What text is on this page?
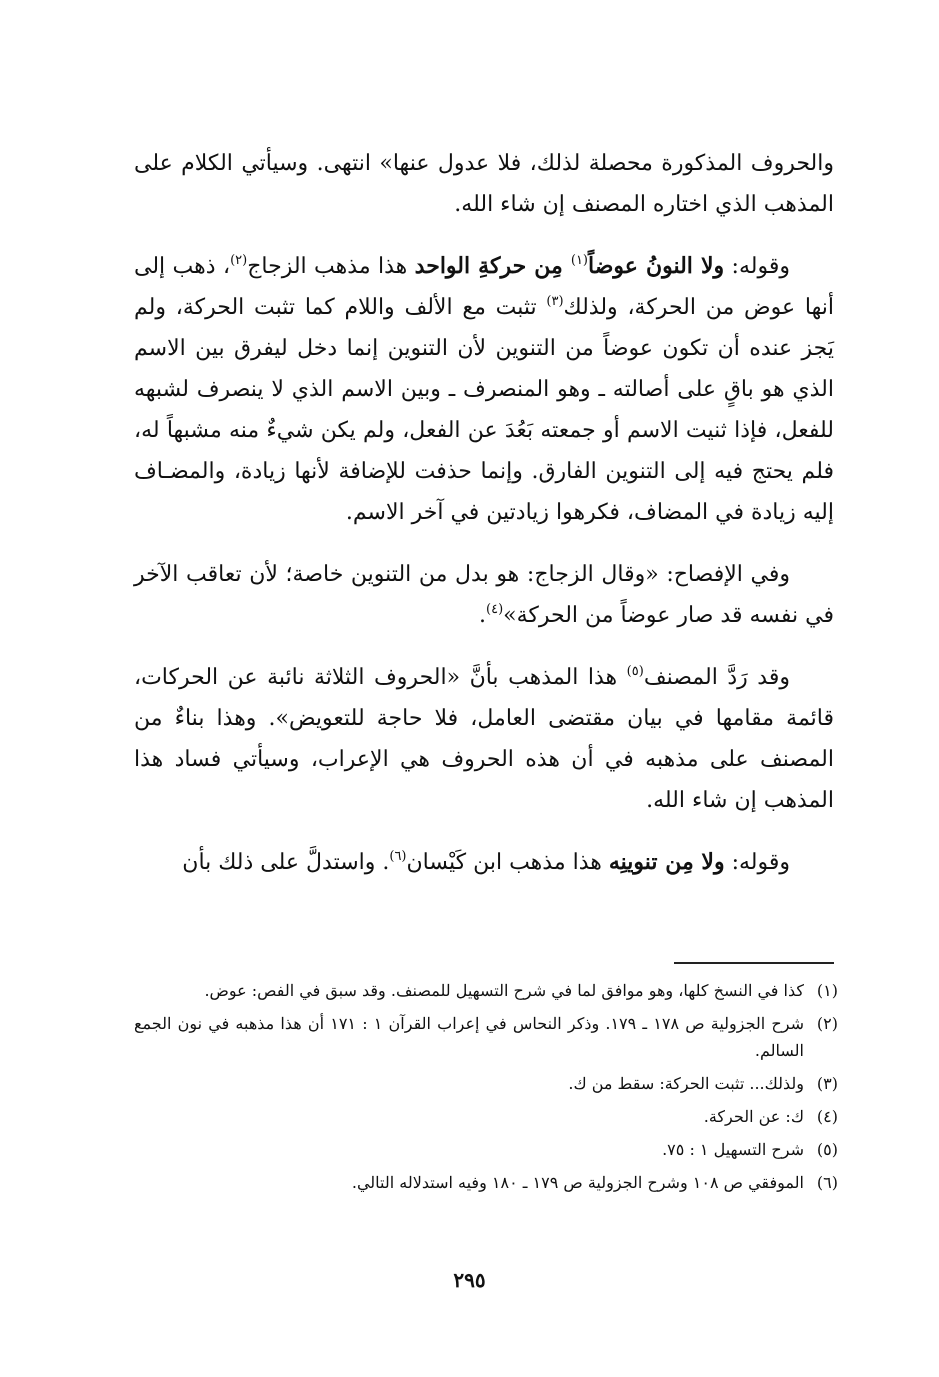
والحروف المذكورة محصلة لذلك، فلا عدول عنها» انتهى. وسيأتي الكلام على المذهب الذي اختاره المصنف إن شاء الله.

وقوله: ولا النونُ عوضاً$^{(١)}$ مِن حركةِ الواحد هذا مذهب الزجاج$^{(٢)}$، ذهب إلى أنها عوض من الحركة، ولذلك$^{(٣)}$ تثبت مع الألف واللام كما تثبت الحركة، ولم يَجز عنده أن تكون عوضاً من التنوين لأن التنوين إنما دخل ليفرق بين الاسم الذي هو باقٍ على أصالته ـ وهو المنصرف ـ وبين الاسم الذي لا ينصرف لشبهه للفعل، فإذا ثنيت الاسم أو جمعته بَعُدَ عن الفعل، ولم يكن شيءٌ منه مشبهاً له، فلم يحتج فيه إلى التنوين الفارق. وإنما حذفت للإضافة لأنها زيادة، والمضـاف إليه زيادة في المضاف، فكرهوا زيادتين في آخر الاسم.

وفي الإفصاح: «وقال الزجاج: هو بدل من التنوين خاصة؛ لأن تعاقب الآخر في نفسه قد صار عوضاً من الحركة»$^{(٤)}$.

وقد رَدَّ المصنف$^{(٥)}$ هذا المذهب بأنَّ «الحروف الثلاثة نائبة عن الحركات، قائمة مقامها في بيان مقتضى العامل، فلا حاجة للتعويض». وهذا بناءٌ من المصنف على مذهبه في أن هذه الحروف هي الإعراب، وسيأتي فساد هذا المذهب إن شاء الله.

وقوله: ولا مِن تنوينِه هذا مذهب ابن كَيْسان$^{(٦)}$. واستدلَّ على ذلك بأن

(١)
كذا في النسخ كلها، وهو موافق لما في شرح التسهيل للمصنف. وقد سبق في الفص: عوض.
(٢)
شرح الجزولية ص ١٧٨ ـ ١٧٩. وذكر النحاس في إعراب القرآن ١ : ١٧١ أن هذا مذهبه في نون الجمع السالم.
(٣)
ولذلك... تثبت الحركة: سقط من ك.
(٤)
ك: عن الحركة.
(٥)
شرح التسهيل ١ : ٧٥.
(٦)
الموفقي ص ١٠٨ وشرح الجزولية ص ١٧٩ ـ ١٨٠ وفيه استدلاله التالي.
٢٩٥
